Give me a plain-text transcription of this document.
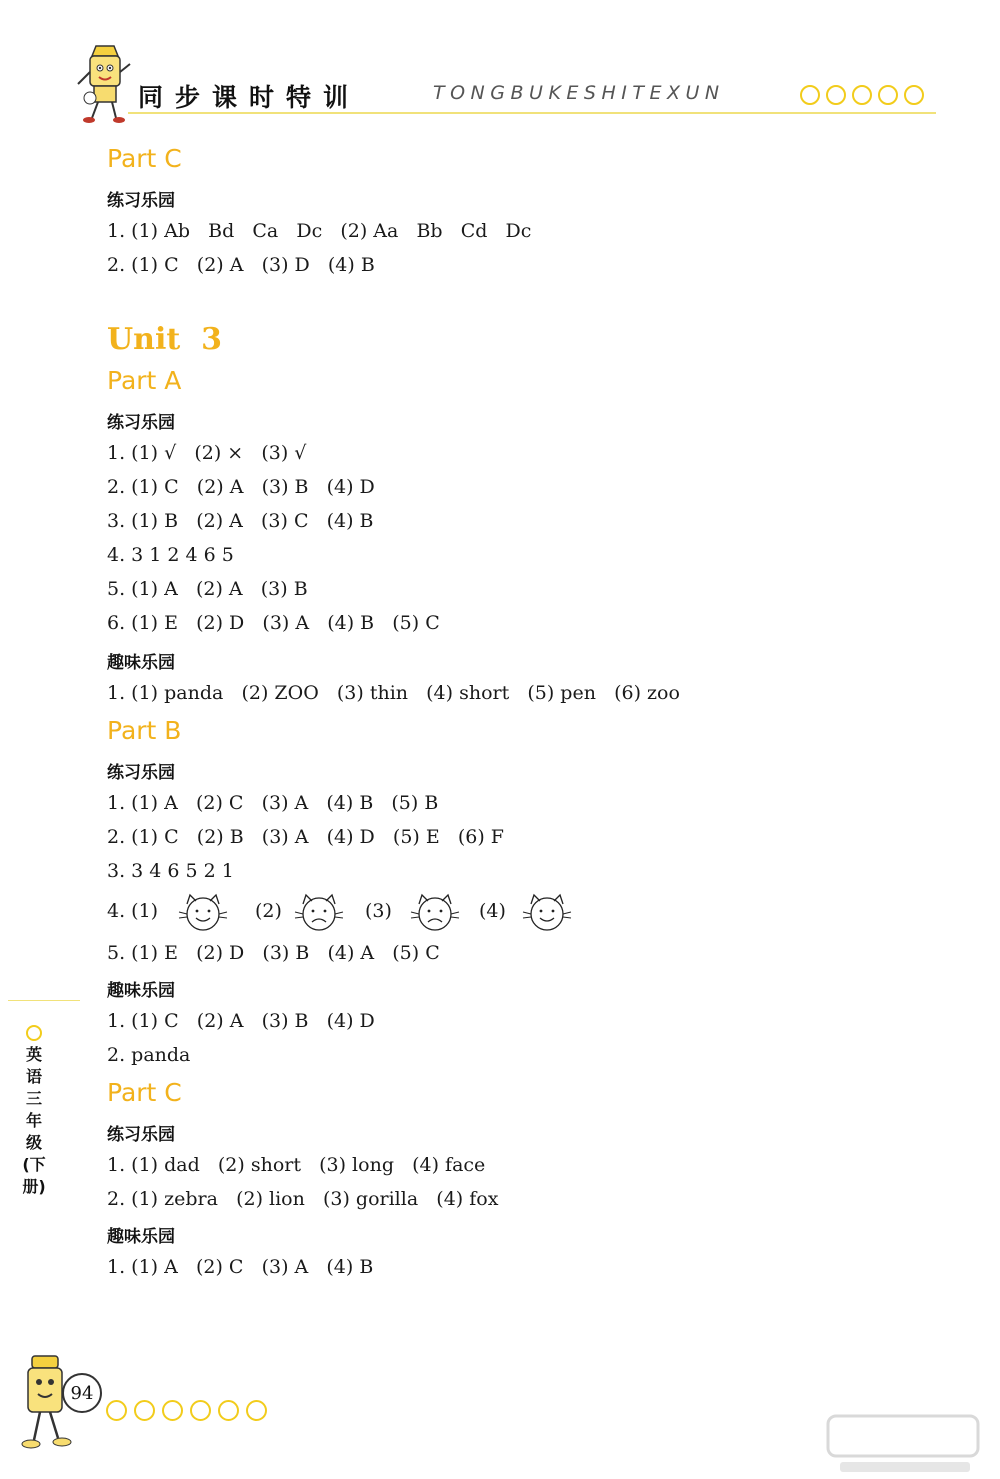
同步课时特训	TONGBUKESHITEXUN
Part C
练习乐园
1. (1) Ab   Bd   Ca   Dc   (2) Aa   Bb   Cd   Dc
2. (1) C   (2) A   (3) D   (4) B
Unit  3
Part A
练习乐园
1. (1) √   (2) ×   (3) √
2. (1) C   (2) A   (3) B   (4) D
3. (1) B   (2) A   (3) C   (4) B
4. 3 1 2 4 6 5
5. (1) A   (2) A   (3) B
6. (1) E   (2) D   (3) A   (4) B   (5) C
趣味乐园
1. (1) panda   (2) ZOO   (3) thin   (4) short   (5) pen   (6) zoo
Part B
练习乐园
1. (1) A   (2) C   (3) A   (4) B   (5) B
2. (1) C   (2) B   (3) A   (4) D   (5) E   (6) F
3. 3 4 6 5 2 1
4. (1)	(2)	(3)	(4)
5. (1) E   (2) D   (3) B   (4) A   (5) C
趣味乐园
1. (1) C   (2) A   (3) B   (4) D
2. panda
Part C
练习乐园
1. (1) dad   (2) short   (3) long   (4) face
2. (1) zebra   (2) lion   (3) gorilla   (4) fox
趣味乐园
1. (1) A   (2) C   (3) A   (4) B
英语 三年级 (下册)
94
